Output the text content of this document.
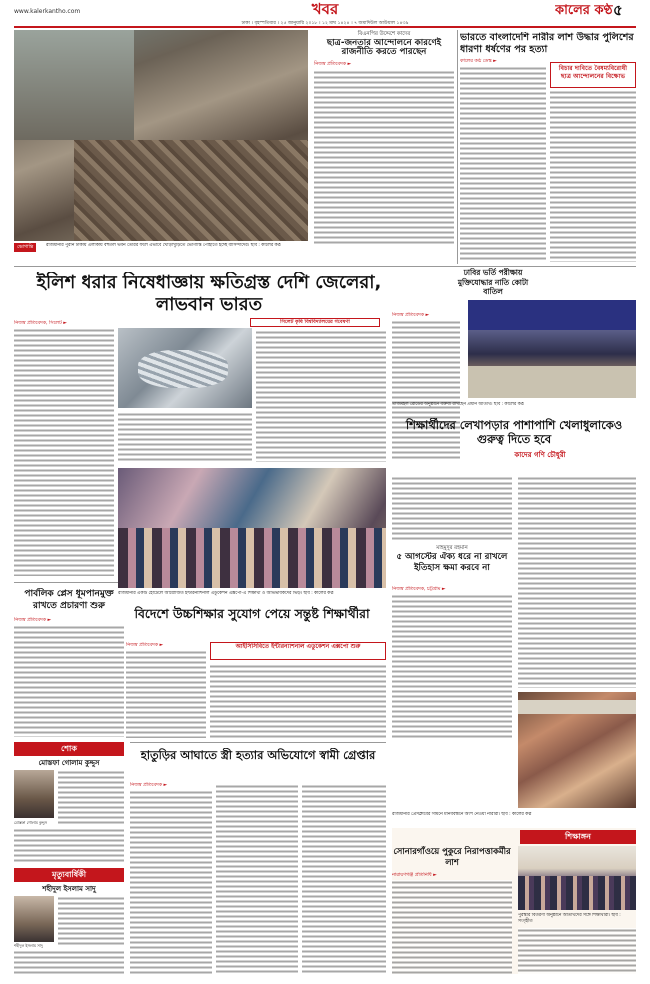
www.kalerkantho.com	খবর	কালের কণ্ঠ ৫
ঢাকা । বৃহস্পতিবার । ২৫ জানুয়ারি ২০১৮ । ১২ মাঘ ১৪২৪ । ৭ জমাদিউল আউয়াল ১৪৩৯
ভোগান্তি	রাজধানীর পুরান ঢাকায় এলাকায় বহুতল ভবন তৈরির ফলে এভাবে খোঁড়াখুঁড়িতে ভোগান্তি পোহাতে হচ্ছে বাসিন্দাদের। ছবি : কালের কণ্ঠ
বিএনপির উদ্দেশে কাদের
ছাত্র-জনতার আন্দোলনে কারণেই রাজনীতি করতে পারছেন
নিজস্ব প্রতিবেদক ►
ভারতে বাংলাদেশি নারীর লাশ উদ্ধার পুলিশের ধারণা ধর্ষণের পর হত্যা
কালের কণ্ঠ ডেস্ক ►
বিচার দাবিতে বৈষম্যবিরোধী ছাত্র আন্দোলনের বিক্ষোভ
ইলিশ ধরার নিষেধাজ্ঞায় ক্ষতিগ্রস্ত দেশি জেলেরা, লাভবান ভারত
ঢাবির ভর্তি পরীক্ষায় মুক্তিযোদ্ধার নাতি কোটা বাতিল
নিজস্ব প্রতিবেদক, সিলেট ►	সিলেট কৃষি বিশ্ববিদ্যালয়ের গবেষণা
নিজস্ব প্রতিবেদক ►
তাজমহল রোডের অনুষ্ঠানে বক্তব্য রাখছেন প্রধান অতিথি। ছবি : কালের কণ্ঠ
শিক্ষার্থীদের লেখাপড়ার পাশাপাশি খেলাধুলাকেও গুরুত্ব দিতে হবে
কাদের গণি চৌধুরী
পার্বলিক প্লেস ধূমপানমুক্ত রাখতে প্রচারণা শুরু
নিজস্ব প্রতিবেদক ►
রাজধানীর একটি হোটেলে আয়োজিত ইন্টারন্যাশনাল এডুকেশন এক্সপো-এ শিক্ষার্থী ও অভিভাবকদের ভিড়। ছবি : কালের কণ্ঠ
বিদেশে উচ্চশিক্ষার সুযোগ পেয়ে সন্তুষ্ট শিক্ষার্থীরা
নিজস্ব প্রতিবেদক ►	আইসিসিবিতে ইন্টারন্যাশনাল এডুকেশন এক্সপো শুরু
মাহমুদুর রহমান
৫ আগস্টের ঐক্য ধরে না রাখলে ইতিহাস ক্ষমা করবে না
নিজস্ব প্রতিবেদক, চট্টগ্রাম ►
রাজধানীর প্রেসক্লাবের সামনে মানববন্ধনে অংশ নেওয়া নারীরা। ছবি : কালের কণ্ঠ
শোক
মোস্তফা গোলাম কুদ্দুস
মোস্তফা গোলাম কুদ্দুস
মৃত্যুবার্ষিকী
শহীদুল ইসলাম সাদু
শহীদুল ইসলাম সাদু
হাতুড়ির আঘাতে স্ত্রী হত্যার অভিযোগে স্বামী গ্রেপ্তার
নিজস্ব প্রতিবেদক ►
শিক্ষাঙ্গন
সোনারগাঁওয়ে পুকুরে নিরাপত্তাকর্মীর লাশ
নারায়ণগঞ্জ প্রতিনিধি ►
পুরস্কার বিতরণী অনুষ্ঠানে অতিথিদের সঙ্গে শিক্ষার্থীরা। ছবি : সংগৃহীত
